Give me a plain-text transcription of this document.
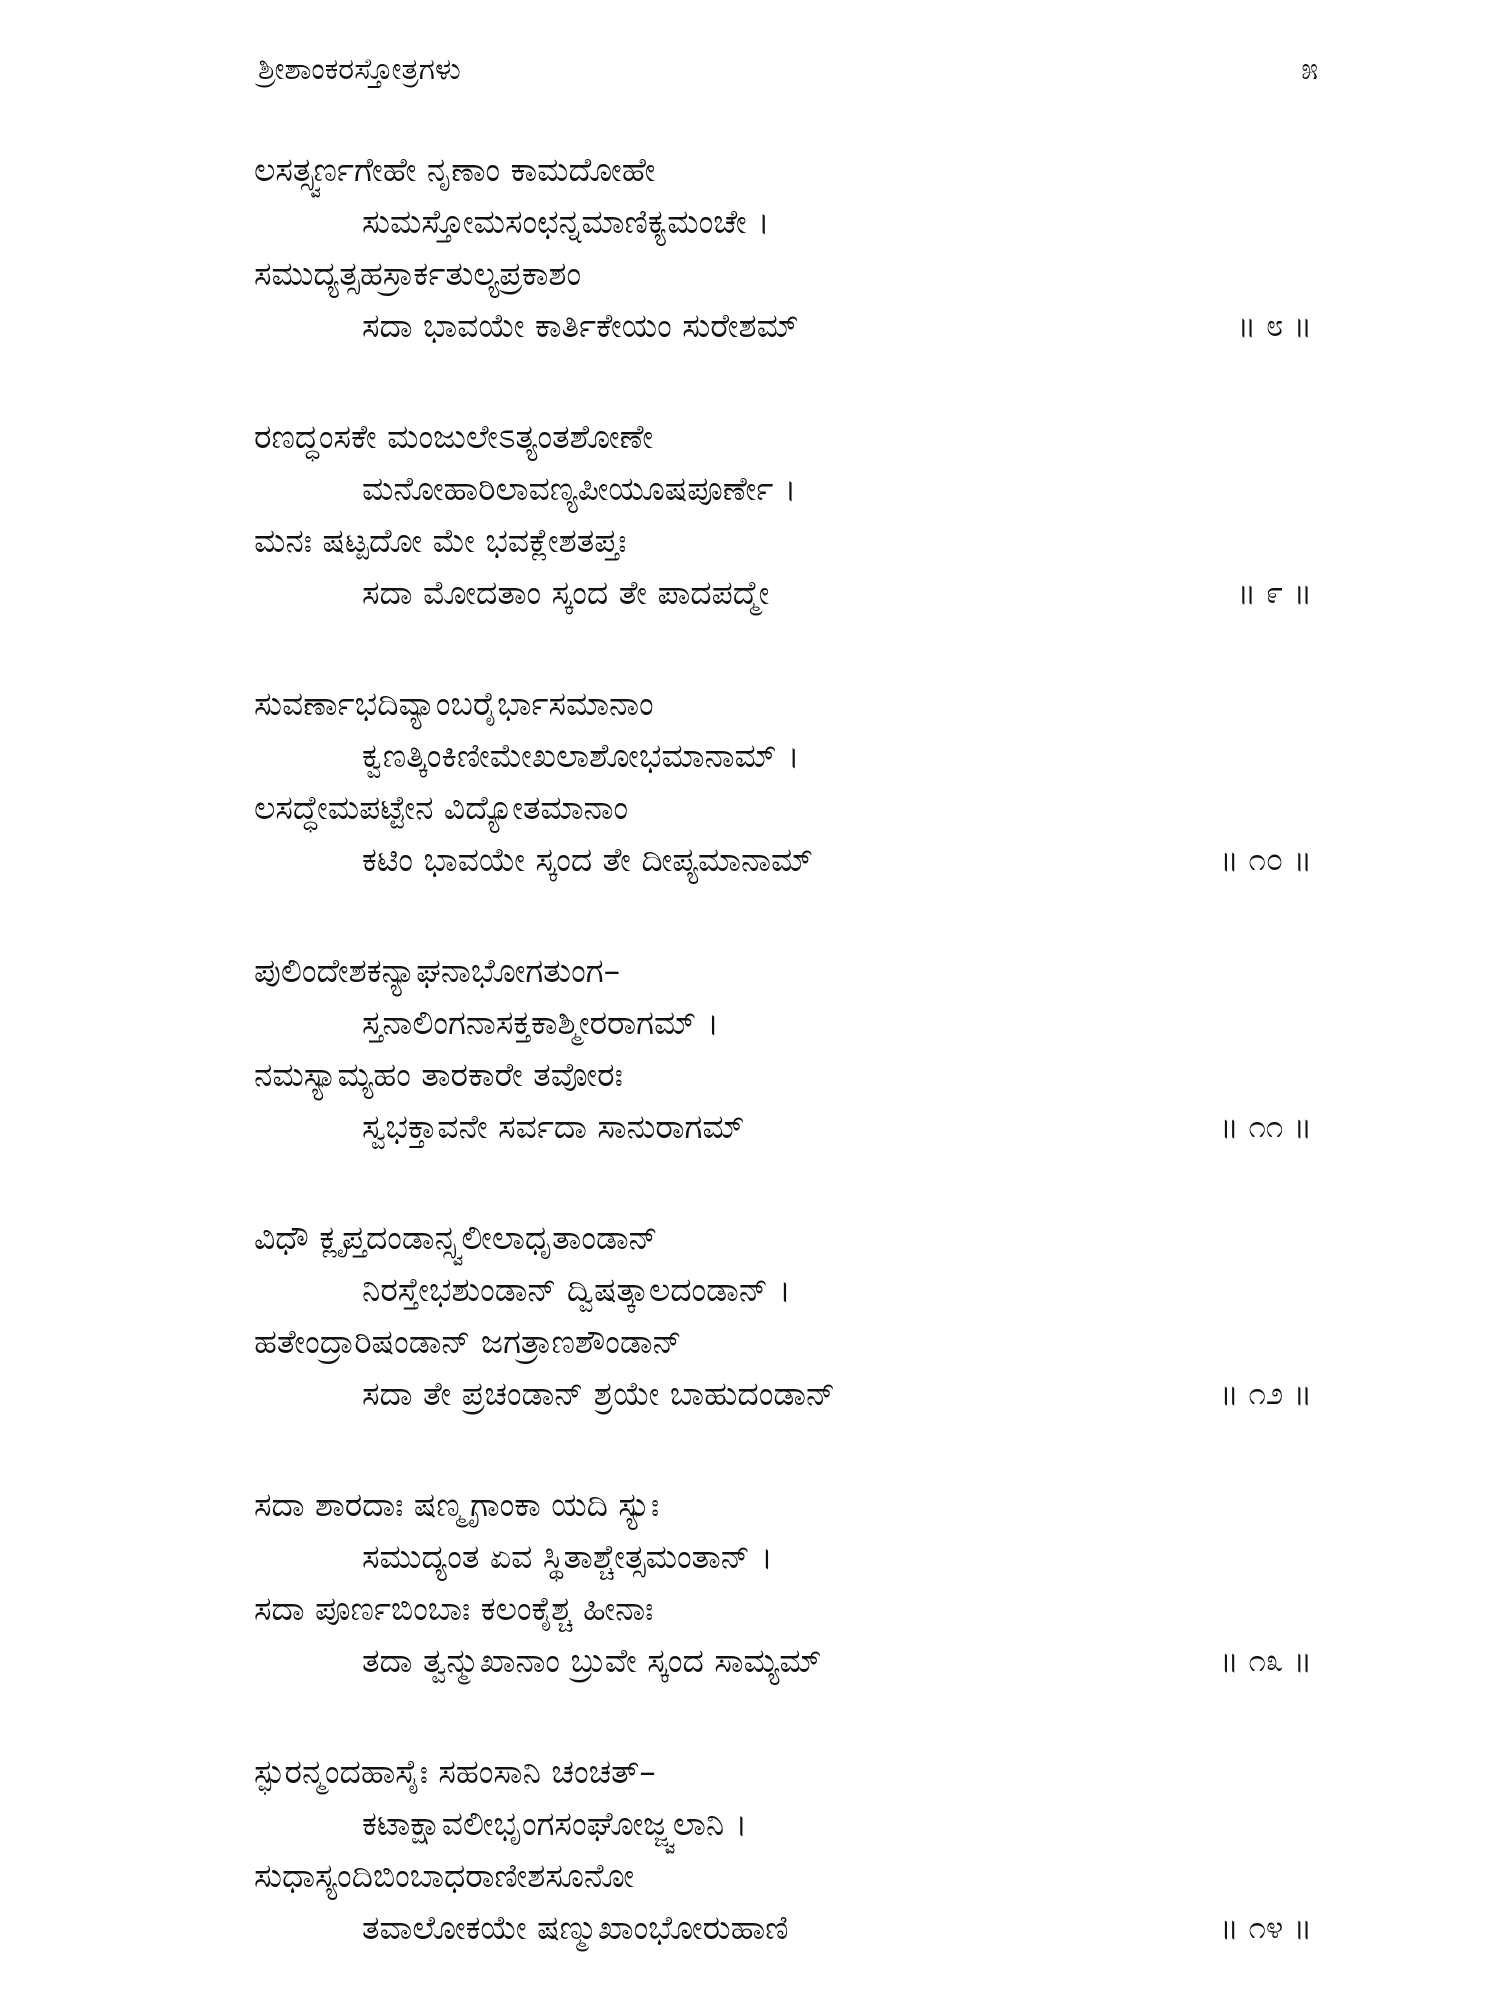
ಶ್ರೀಶಾಂಕರಸ್ತೋತ್ರಗಳು	೫
ಲಸತ್ಸ್ವರ್ಣಗೇಹೇ ನೃಣಾಂ ಕಾಮದೋಹೇ
ಸುಮಸ್ತೋಮಸಂಛನ್ನಮಾಣಿಕ್ಯಮಂಚೇ ।
ಸಮುದ್ಯತ್ಸಹಸ್ರಾರ್ಕತುಲ್ಯಪ್ರಕಾಶಂ
ಸದಾ ಭಾವಯೇ ಕಾರ್ತಿಕೇಯಂ ಸುರೇಶಮ್	॥ ೮ ॥
ರಣದ್ಧಂಸಕೇ ಮಂಜುಲೇಽತ್ಯಂತಶೋಣೇ
ಮನೋಹಾರಿಲಾವಣ್ಯಪೀಯೂಷಪೂರ್ಣೇ ।
ಮನಃ ಷಟ್ಪದೋ ಮೇ ಭವಕ್ಲೇಶತಪ್ತಃ
ಸದಾ ಮೋದತಾಂ ಸ್ಕಂದ ತೇ ಪಾದಪದ್ಮೇ	॥ ೯ ॥
ಸುವರ್ಣಾಭದಿವ್ಯಾಂಬರೈರ್ಭಾಸಮಾನಾಂ
ಕ್ವಣತ್ಕಿಂಕಿಣೀಮೇಖಲಾಶೋಭಮಾನಾಮ್ ।
ಲಸದ್ಧೇಮಪಟ್ಟೇನ ವಿದ್ಯೋತಮಾನಾಂ
ಕಟಿಂ ಭಾವಯೇ ಸ್ಕಂದ ತೇ ದೀಪ್ಯಮಾನಾಮ್	॥ ೧೦ ॥
ಪುಲಿಂದೇಶಕನ್ಯಾಘನಾಭೋಗತುಂಗ–
ಸ್ತನಾಲಿಂಗನಾಸಕ್ತಕಾಶ್ಮೀರರಾಗಮ್ ।
ನಮಸ್ಯಾಮ್ಯಹಂ ತಾರಕಾರೇ ತವೋರಃ
ಸ್ವಭಕ್ತಾವನೇ ಸರ್ವದಾ ಸಾನುರಾಗಮ್	॥ ೧೧ ॥
ವಿಧೌ ಕ್ಲೃಪ್ತದಂಡಾನ್ಸ್ವಲೀಲಾಧೃತಾಂಡಾನ್
ನಿರಸ್ತೇಭಶುಂಡಾನ್ ದ್ವಿಷತ್ಕಾಲದಂಡಾನ್ ।
ಹತೇಂದ್ರಾರಿಷಂಡಾನ್ ಜಗತ್ರಾಣಶೌಂಡಾನ್
ಸದಾ ತೇ ಪ್ರಚಂಡಾನ್ ಶ್ರಯೇ ಬಾಹುದಂಡಾನ್	॥ ೧೨ ॥
ಸದಾ ಶಾರದಾಃ ಷಣ್ಮೃಗಾಂಕಾ ಯದಿ ಸ್ಯುಃ
ಸಮುದ್ಯಂತ ಏವ ಸ್ಥಿತಾಶ್ಚೇತ್ಸಮಂತಾನ್ ।
ಸದಾ ಪೂರ್ಣಬಿಂಬಾಃ ಕಲಂಕೈಶ್ಚ ಹೀನಾಃ
ತದಾ ತ್ವನ್ಮುಖಾನಾಂ ಬ್ರುವೇ ಸ್ಕಂದ ಸಾಮ್ಯಮ್	॥ ೧೩ ॥
ಸ್ಫುರನ್ಮಂದಹಾಸೈಃ ಸಹಂಸಾನಿ ಚಂಚತ್–
ಕಟಾಕ್ಷಾವಲೀಭೃಂಗಸಂಘೋಜ್ಜ್ವಲಾನಿ ।
ಸುಧಾಸ್ಯಂದಿಬಿಂಬಾಧರಾಣೀಶಸೂನೋ
ತವಾಲೋಕಯೇ ಷಣ್ಮುಖಾಂಭೋರುಹಾಣಿ	॥ ೧೪ ॥
